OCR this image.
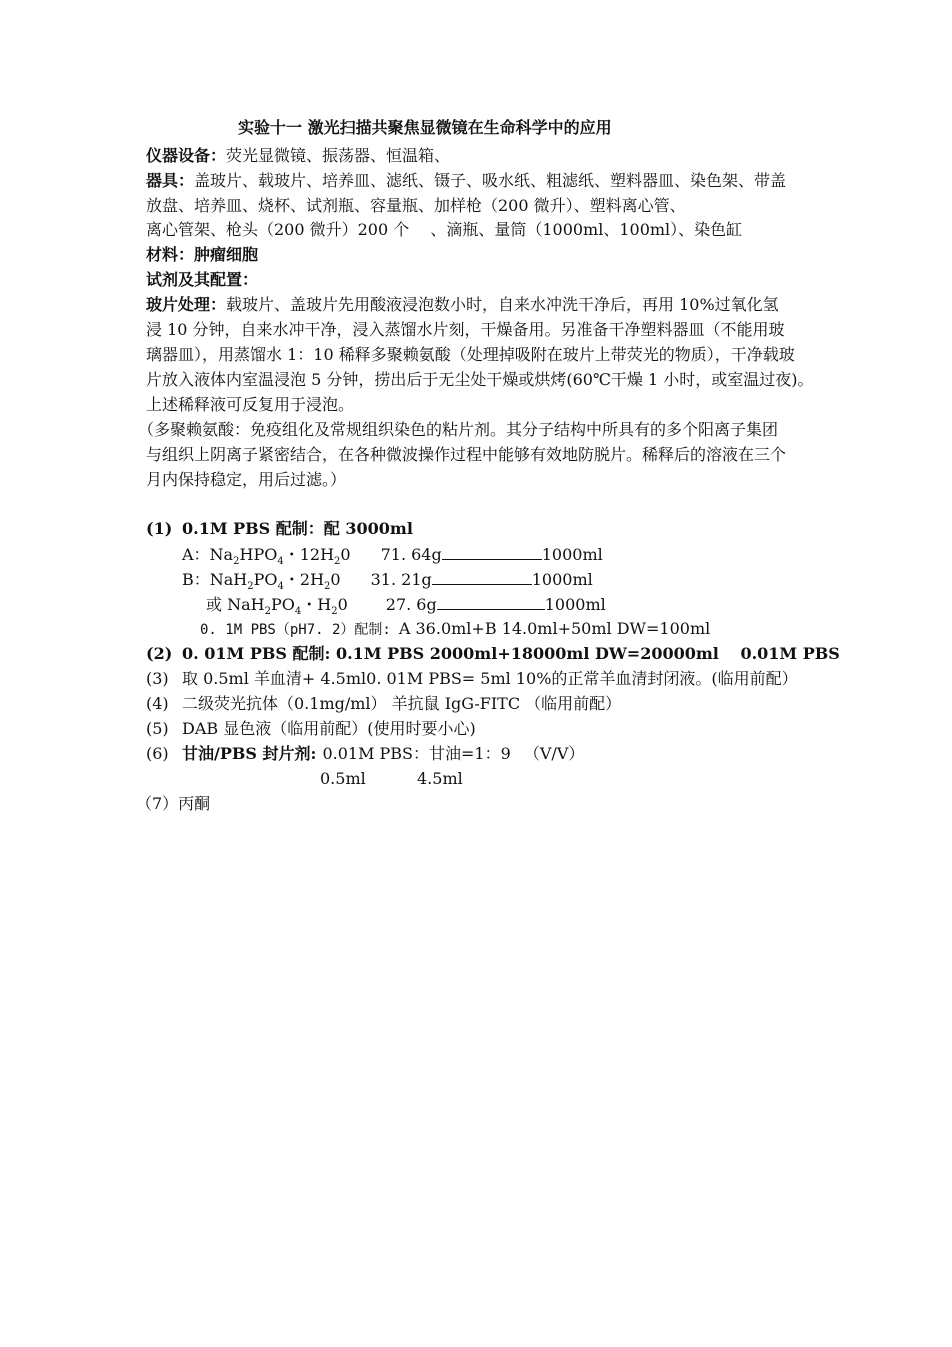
实验十一 激光扫描共聚焦显微镜在生命科学中的应用
仪器设备：荧光显微镜、振荡器、恒温箱、
器具：盖玻片、载玻片、培养皿、滤纸、镊子、吸水纸、粗滤纸、塑料器皿、染色架、带盖
放盘、培养皿、烧杯、试剂瓶、容量瓶、加样枪（200 微升）、塑料离心管、
离心管架、枪头（200 微升）200 个 　、滴瓶、量筒（1000ml、100ml）、染色缸
材料：肿瘤细胞
试剂及其配置：
玻片处理：载玻片、盖玻片先用酸液浸泡数小时，自来水冲洗干净后，再用 10%过氧化氢
浸 10 分钟，自来水冲干净，浸入蒸馏水片刻，干燥备用。另准备干净塑料器皿（不能用玻
璃器皿），用蒸馏水 1：10 稀释多聚赖氨酸（处理掉吸附在玻片上带荧光的物质），干净载玻
片放入液体内室温浸泡 5 分钟，捞出后于无尘处干燥或烘烤(60℃干燥 1 小时，或室温过夜)。
上述稀释液可反复用于浸泡。
（多聚赖氨酸：免疫组化及常规组织染色的粘片剂。其分子结构中所具有的多个阳离子集团
与组织上阴离子紧密结合，在各种微波操作过程中能够有效地防脱片。稀释后的溶液在三个
月内保持稳定，用后过滤。）
(1) 0.1M PBS 配制：配 3000ml
A：$Na_2HPO_4$・$12H_20$ 71. 64g	1000ml
B：$NaH_2PO_4$・$2H_20$ 31. 21g	1000ml
或 $NaH_2PO_4$・$H_20$ 27. 6g	1000ml
0. 1M PBS（pH7. 2）配制: A 36.0ml+B 14.0ml+50ml DW=100ml
(2) 0. 01M PBS 配制: 0.1M PBS 2000ml+18000ml DW=20000ml　 0.01M PBS
(3) 取 0.5ml 羊血清+ 4.5ml0. 01M PBS= 5ml 10%的正常羊血清封闭液。(临用前配）
(4) 二级荧光抗体（0.1mg/ml） 羊抗鼠 IgG-FITC （临用前配）
(5) DAB 显色液（临用前配）(使用时要小心)
(6) 甘油/PBS 封片剂: 0.01M PBS：甘油=1：9 　（V/V）
0.5ml	4.5ml
（7）丙酮
